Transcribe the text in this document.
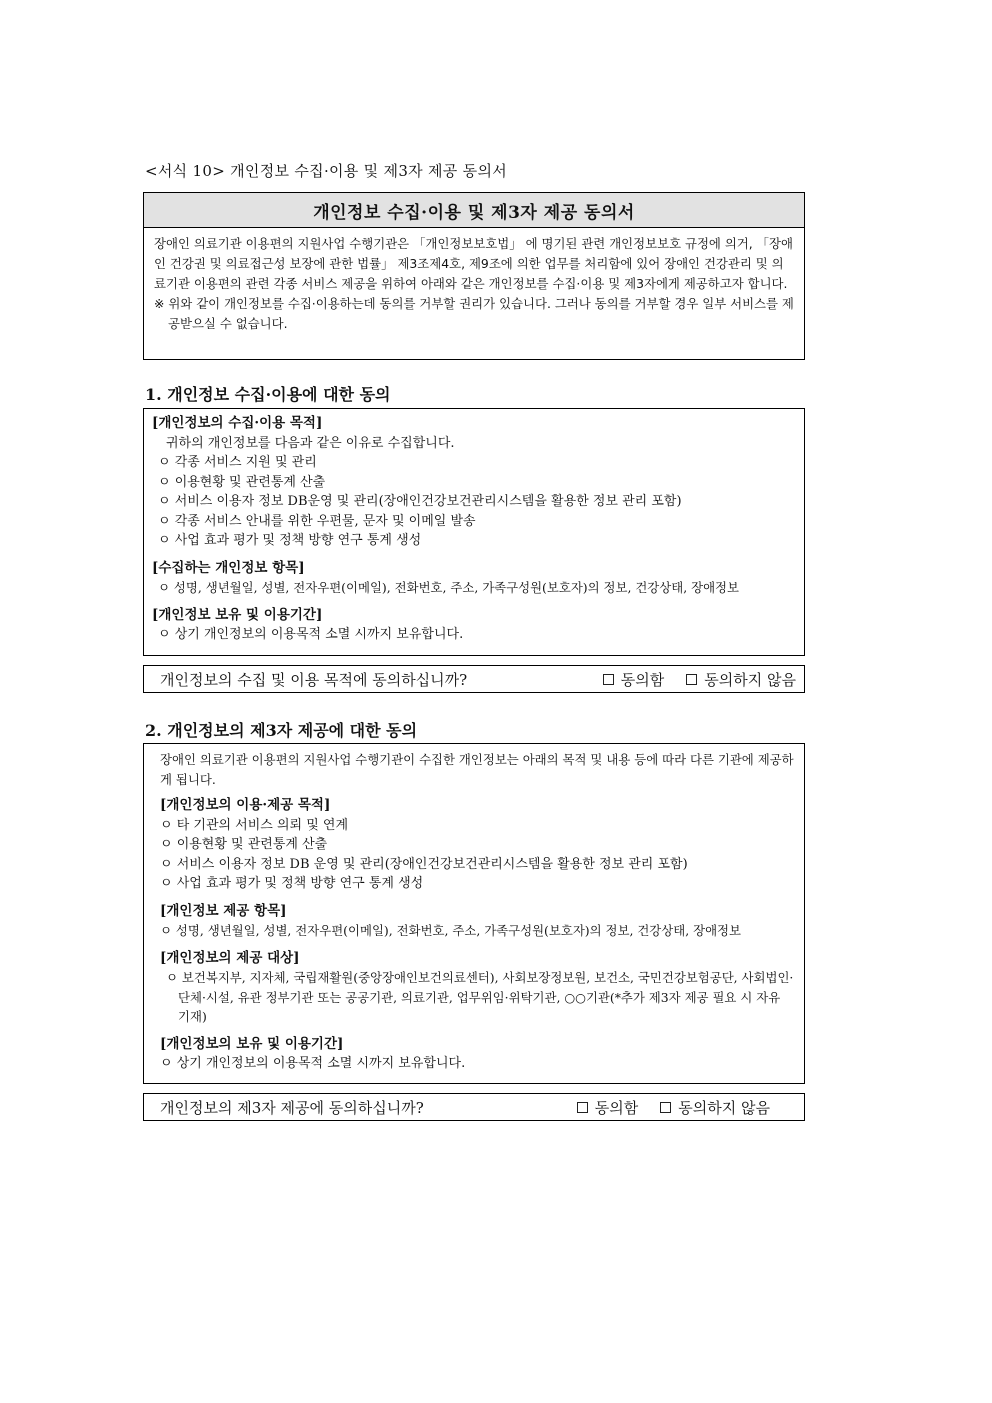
<서식 10> 개인정보 수집·이용 및 제3자 제공 동의서
개인정보 수집·이용 및 제3자 제공 동의서
장애인 의료기관 이용편의 지원사업 수행기관은 「개인정보보호법」 에 명기된 관련 개인정보보호 규정에 의거, 「장애인 건강권 및 의료접근성 보장에 관한 법률」 제3조제4호, 제9조에 의한 업무를 처리함에 있어 장애인 건강관리 및 의료기관 이용편의 관련 각종 서비스 제공을 위하여 아래와 같은 개인정보를 수집·이용 및 제3자에게 제공하고자 합니다.
※ 위와 같이 개인정보를 수집·이용하는데 동의를 거부할 권리가 있습니다. 그러나 동의를 거부할 경우 일부 서비스를 제공받으실 수 없습니다.
1. 개인정보 수집·이용에 대한 동의
[개인정보의 수집·이용 목적]
귀하의 개인정보를 다음과 같은 이유로 수집합니다.
ㅇ 각종 서비스 지원 및 관리
ㅇ 이용현황 및 관련통계 산출
ㅇ 서비스 이용자 정보 DB운영 및 관리(장애인건강보건관리시스템을 활용한 정보 관리 포함)
ㅇ 각종 서비스 안내를 위한 우편물, 문자 및 이메일 발송
ㅇ 사업 효과 평가 및 정책 방향 연구 통계 생성
[수집하는 개인정보 항목]
ㅇ 성명, 생년월일, 성별, 전자우편(이메일), 전화번호, 주소, 가족구성원(보호자)의 정보, 건강상태, 장애정보
[개인정보 보유 및 이용기간]
ㅇ 상기 개인정보의 이용목적 소멸 시까지 보유합니다.
개인정보의 수집 및 이용 목적에 동의하십니까?	동의함	동의하지 않음
2. 개인정보의 제3자 제공에 대한 동의
장애인 의료기관 이용편의 지원사업 수행기관이 수집한 개인정보는 아래의 목적 및 내용 등에 따라 다른 기관에 제공하게 됩니다.
[개인정보의 이용·제공 목적]
ㅇ 타 기관의 서비스 의뢰 및 연계
ㅇ 이용현황 및 관련통계 산출
ㅇ 서비스 이용자 정보 DB 운영 및 관리(장애인건강보건관리시스템을 활용한 정보 관리 포함)
ㅇ 사업 효과 평가 및 정책 방향 연구 통계 생성
[개인정보 제공 항목]
ㅇ 성명, 생년월일, 성별, 전자우편(이메일), 전화번호, 주소, 가족구성원(보호자)의 정보, 건강상태, 장애정보
[개인정보의 제공 대상]
ㅇ 보건복지부, 지자체, 국립재활원(중앙장애인보건의료센터), 사회보장정보원, 보건소, 국민건강보험공단, 사회법인·단체·시설, 유관 정부기관 또는 공공기관, 의료기관, 업무위임·위탁기관, ○○기관(*추가 제3자 제공 필요 시 자유 기재)
[개인정보의 보유 및 이용기간]
ㅇ 상기 개인정보의 이용목적 소멸 시까지 보유합니다.
개인정보의 제3자 제공에 동의하십니까?	동의함	동의하지 않음
